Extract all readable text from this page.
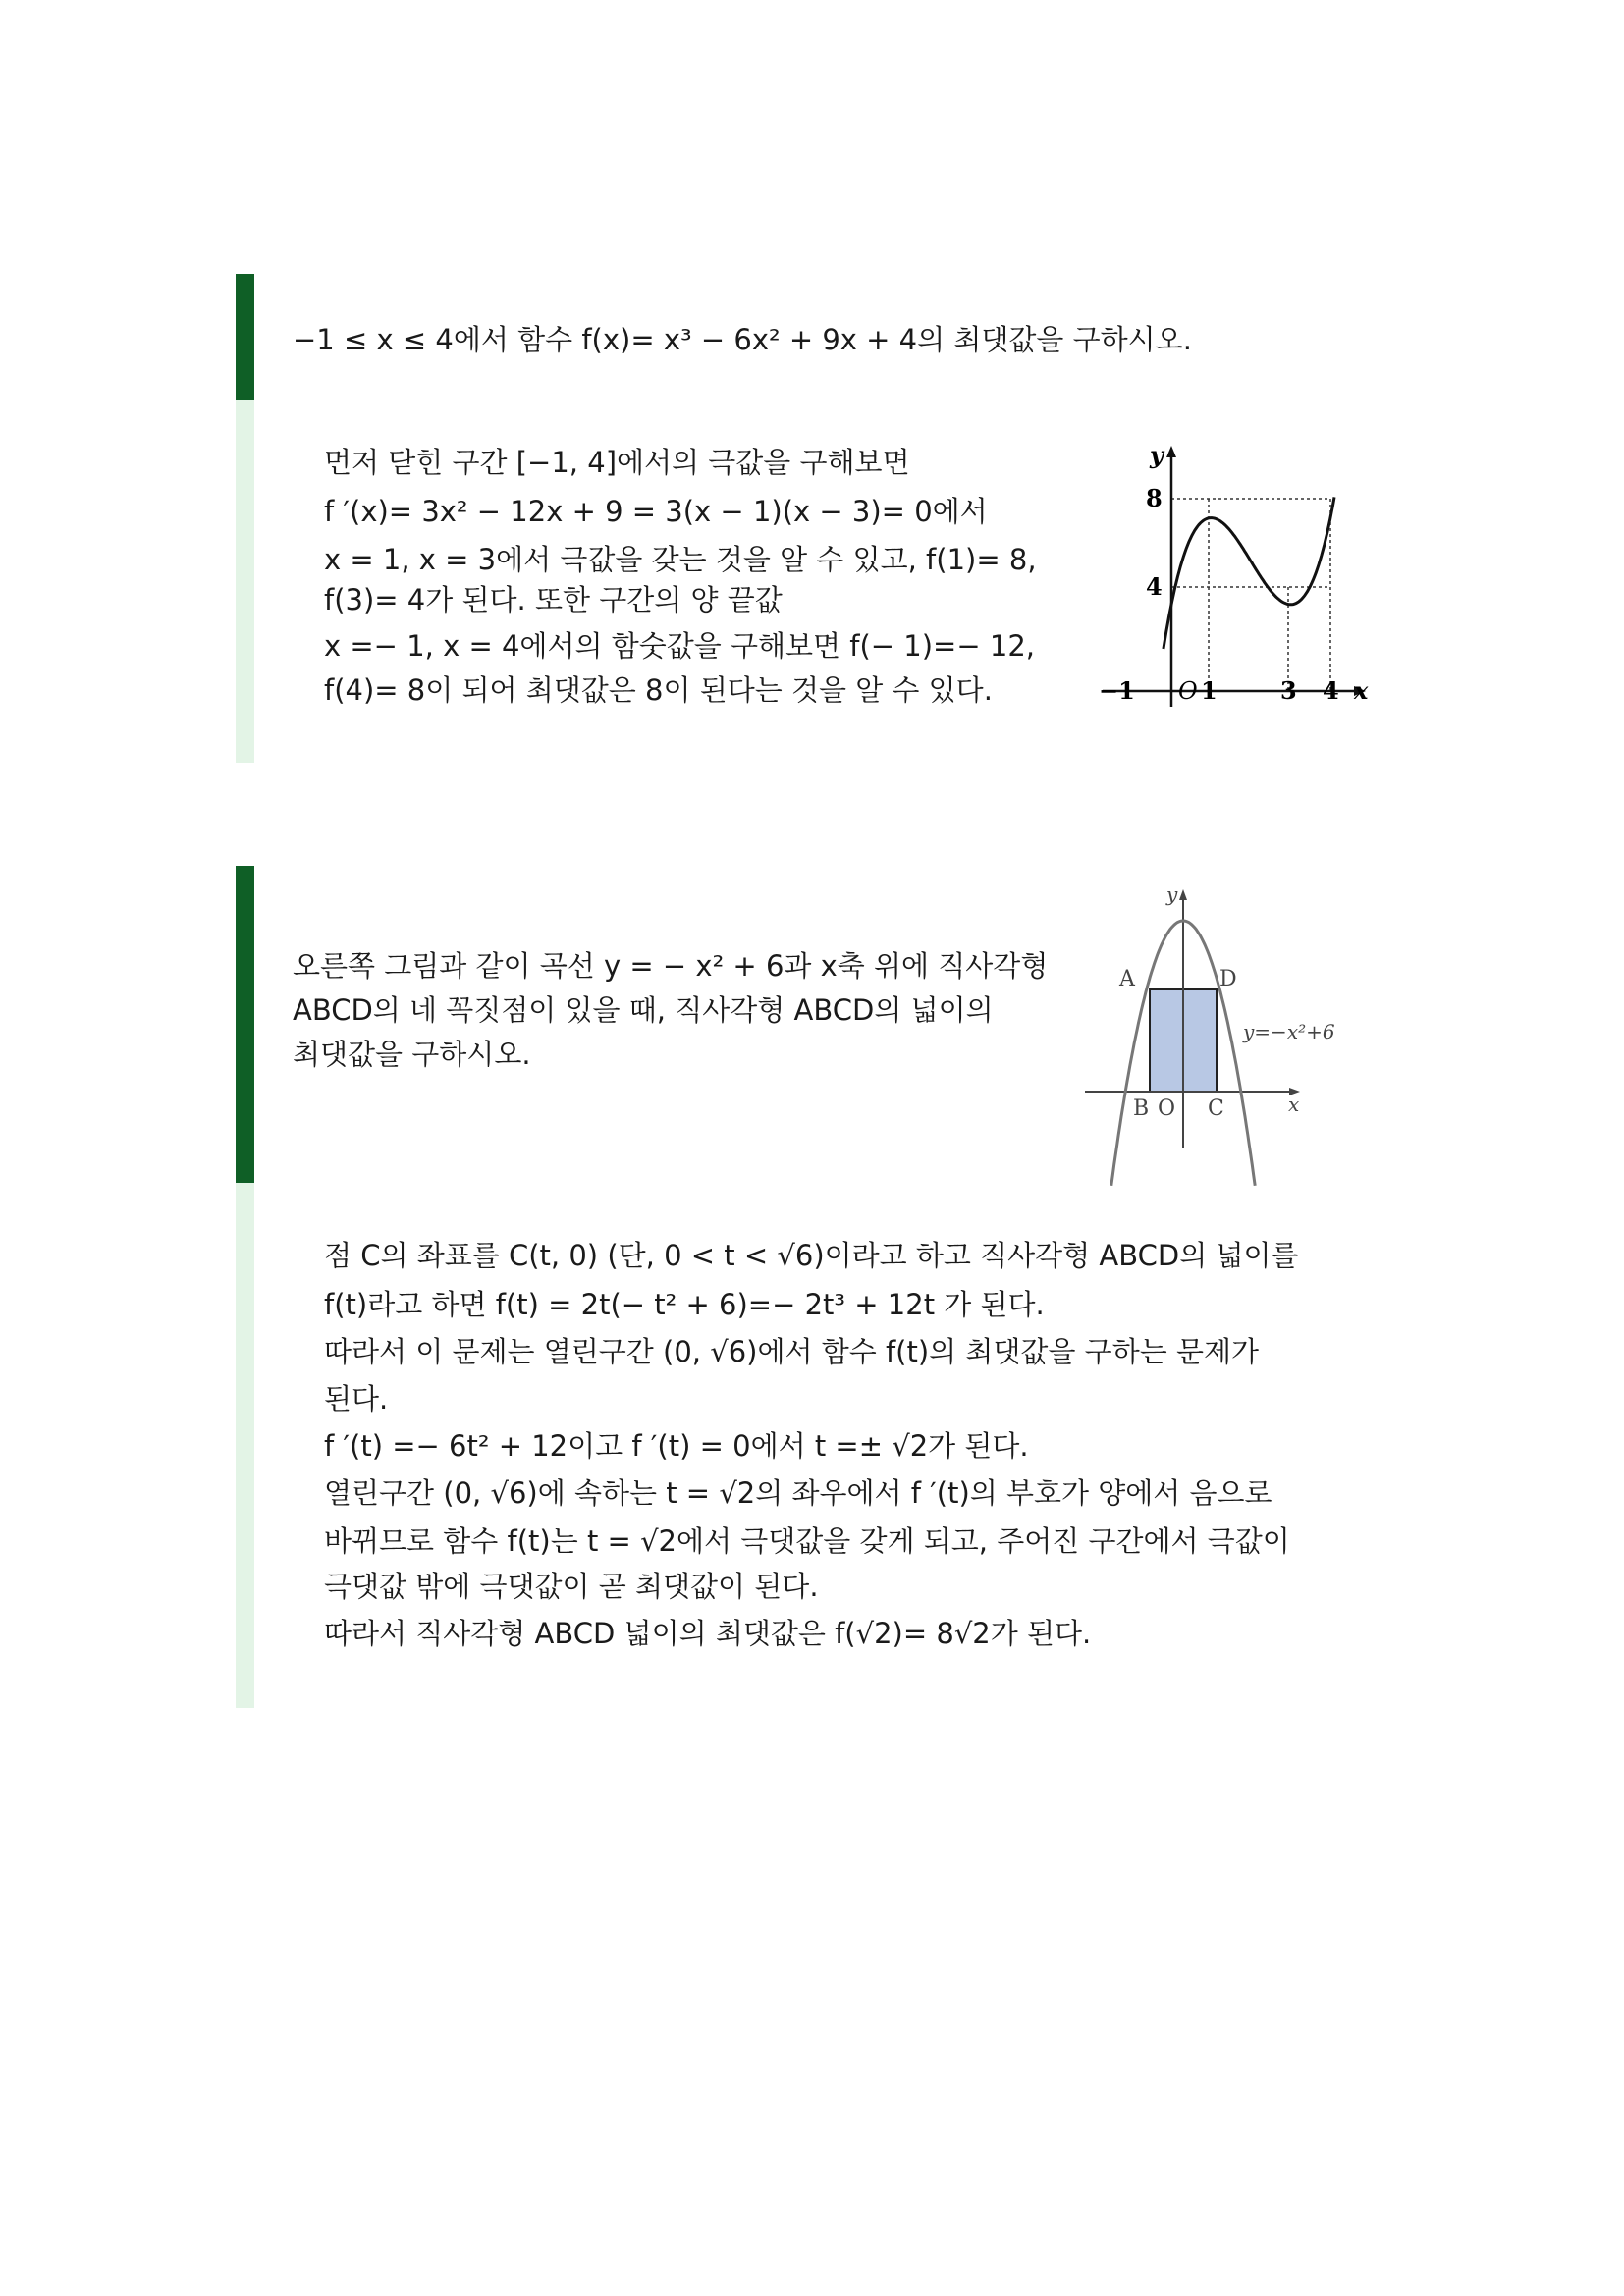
−1 ≤ x ≤ 4에서 함수 f(x)= x³ − 6x² + 9x + 4의 최댓값을 구하시오.
먼저 닫힌 구간 [−1, 4]에서의 극값을 구해보면
f ′(x)= 3x² − 12x + 9 = 3(x − 1)(x − 3)= 0에서
x = 1, x = 3에서 극값을 갖는 것을 알 수 있고, f(1)= 8,
f(3)= 4가 된다. 또한 구간의 양 끝값
x =− 1, x = 4에서의 함숫값을 구해보면 f(− 1)=− 12,
f(4)= 8이 되어 최댓값은 8이 된다는 것을 알 수 있다.
y
x
O
8
4
−1	1	3 4
오른쪽 그림과 같이 곡선 y = − x² + 6과 x축 위에 직사각형
ABCD의 네 꼭짓점이 있을 때, 직사각형 ABCD의 넓이의
최댓값을 구하시오.
y
x
A	D
B O C
y=−x²+6
점 C의 좌표를 C(t, 0) (단, 0 < t < √6)이라고 하고 직사각형 ABCD의 넓이를
f(t)라고 하면 f(t) = 2t(− t² + 6)=− 2t³ + 12t 가 된다.
따라서 이 문제는 열린구간 (0, √6)에서 함수 f(t)의 최댓값을 구하는 문제가
된다.
f ′(t) =− 6t² + 12이고 f ′(t) = 0에서 t =± √2가 된다.
열린구간 (0, √6)에 속하는 t = √2의 좌우에서 f ′(t)의 부호가 양에서 음으로
바뀌므로 함수 f(t)는 t = √2에서 극댓값을 갖게 되고, 주어진 구간에서 극값이
극댓값 밖에 극댓값이 곧 최댓값이 된다.
따라서 직사각형 ABCD 넓이의 최댓값은 f(√2)= 8√2가 된다.
